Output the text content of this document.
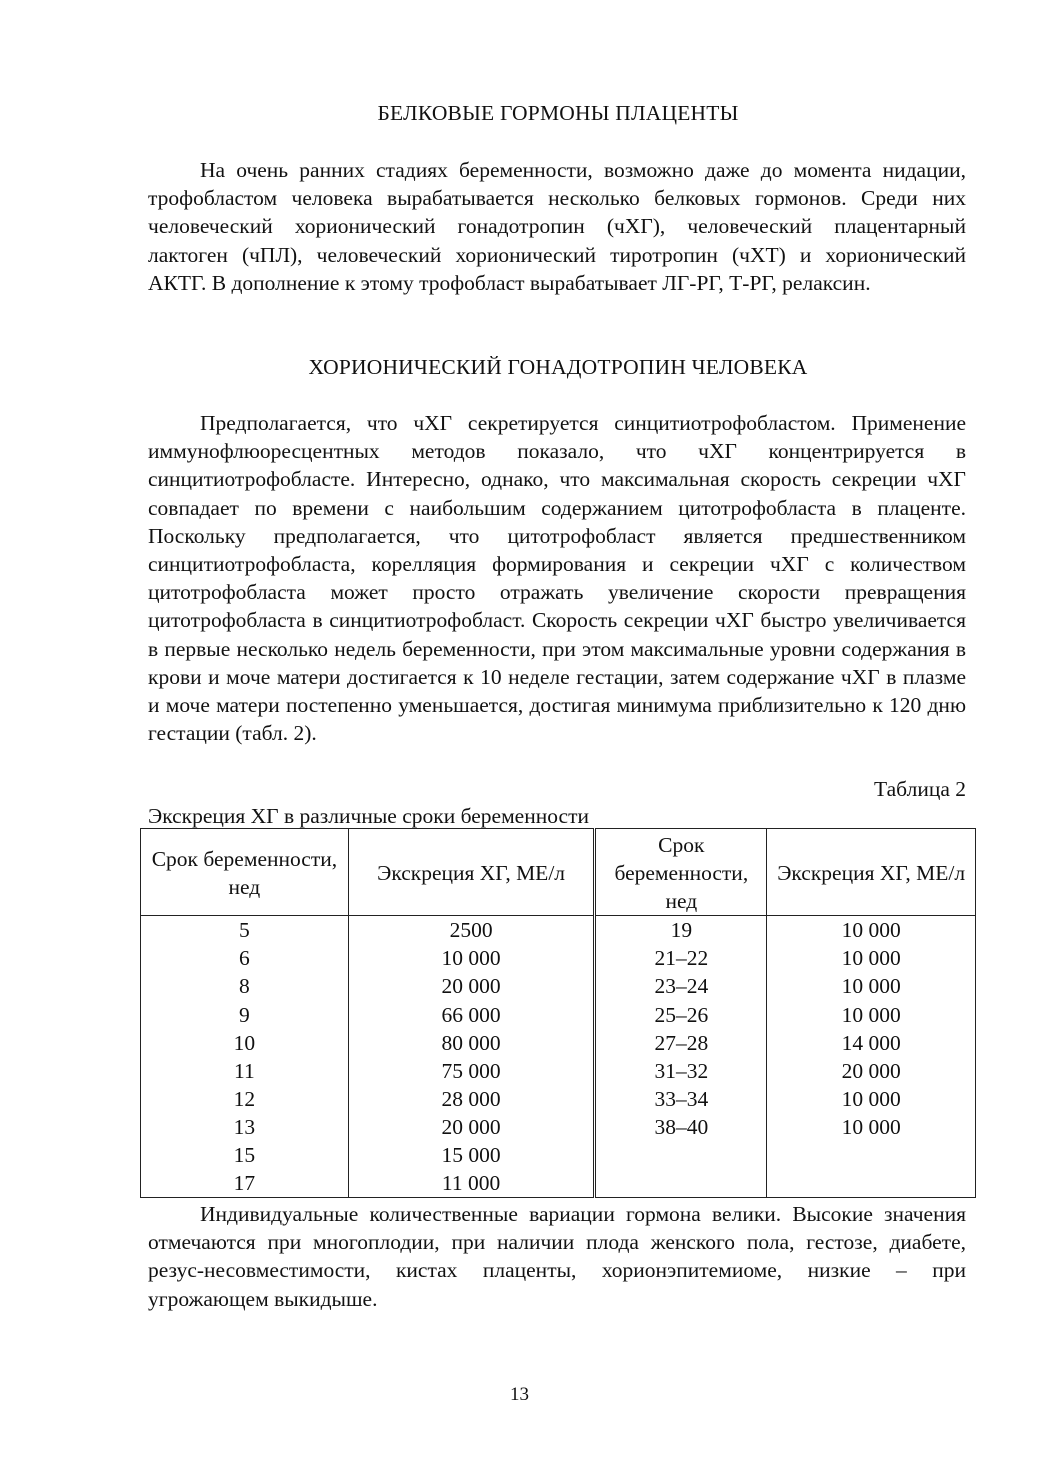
БЕЛКОВЫЕ ГОРМОНЫ ПЛАЦЕНТЫ

На очень ранних стадиях беременности, возможно даже до момента нидации, трофобластом человека вырабатывается несколько белковых гормонов. Среди них человеческий хорионический гонадотропин (чХГ), человеческий плацентарный лактоген (чПЛ), человеческий хорионический тиротропин (чХТ) и хорионический АКТГ. В дополнение к этому трофобласт вырабатывает ЛГ-РГ, Т-РГ, релаксин.

ХОРИОНИЧЕСКИЙ ГОНАДОТРОПИН ЧЕЛОВЕКА

Предполагается, что чХГ секретируется синцитиотрофобластом. Применение иммунофлюоресцентных методов показало, что чХГ концентрируется в синцитиотрофобласте. Интересно, однако, что максимальная скорость секреции чХГ совпадает по времени с наибольшим содержанием цитотрофобласта в плаценте. Поскольку предполагается, что цитотрофобласт является предшественником синцитиотрофобласта, корелляция формирования и секреции чХГ с количеством цитотрофобласта может просто отражать увеличение скорости превращения цитотрофобласта в синцитиотрофобласт. Скорость секреции чХГ быстро увеличивается в первые несколько недель беременности, при этом максимальные уровни содержания в крови и моче матери достигается к 10 неделе гестации, затем содержание чХГ в плазме и моче матери постепенно уменьшается, достигая минимума приблизительно к 120 дню гестации (табл. 2).

Таблица 2
Экскреция ХГ в различные сроки беременности
Срок беременности, нед	Экскреция ХГ, МЕ/л	Срок беременности, нед	Экскреция ХГ, МЕ/л
5	2500	19	10 000
6	10 000	21–22	10 000
8	20 000	23–24	10 000
9	66 000	25–26	10 000
10	80 000	27–28	14 000
11	75 000	31–32	20 000
12	28 000	33–34	10 000
13	20 000	38–40	10 000
15	15 000		
17	11 000		

Индивидуальные количественные вариации гормона велики. Высокие значения отмечаются при многоплодии, при наличии плода женского пола, гестозе, диабете, резус-несовместимости, кистах плаценты, хорионэпитемиоме, низкие – при угрожающем выкидыше.

13
